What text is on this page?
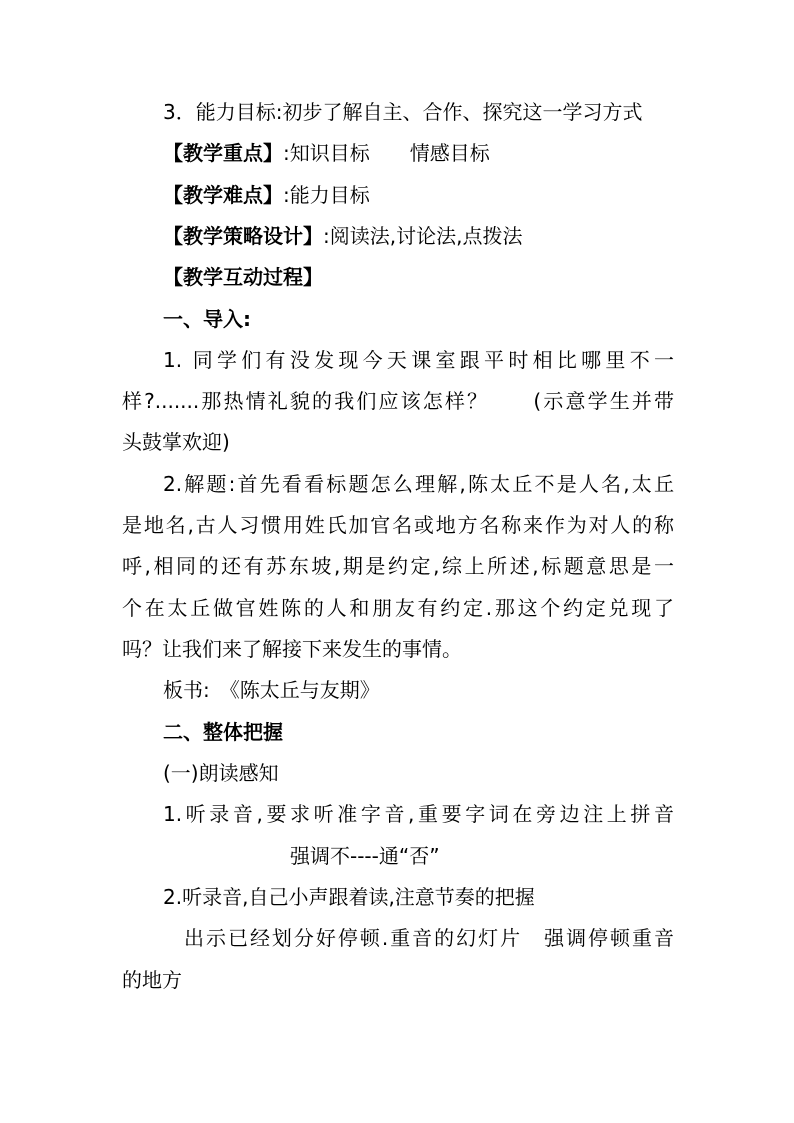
3．能力目标:初步了解自主、合作、探究这一学习方式
【教学重点】:知识目标　　情感目标
【教学难点】:能力目标
【教学策略设计】:阅读法,讨论法,点拨法
【教学互动过程】
一、导入:
1. 同学们有没发现今天课室跟平时相比哪里不一
样?.......那热情礼貌的我们应该怎样？　　(示意学生并带
头鼓掌欢迎)
2.解题:首先看看标题怎么理解,陈太丘不是人名,太丘
是地名,古人习惯用姓氏加官名或地方名称来作为对人的称
呼,相同的还有苏东坡,期是约定,综上所述,标题意思是一
个在太丘做官姓陈的人和朋友有约定.那这个约定兑现了
吗？让我们来了解接下来发生的事情。
板书:　《陈太丘与友期》
二、整体把握
(一)朗读感知
1.听录音,要求听准字音,重要字词在旁边注上拼音
强调不----通“否”
2.听录音,自己小声跟着读,注意节奏的把握
出示已经划分好停顿.重音的幻灯片　强调停顿重音
的地方
